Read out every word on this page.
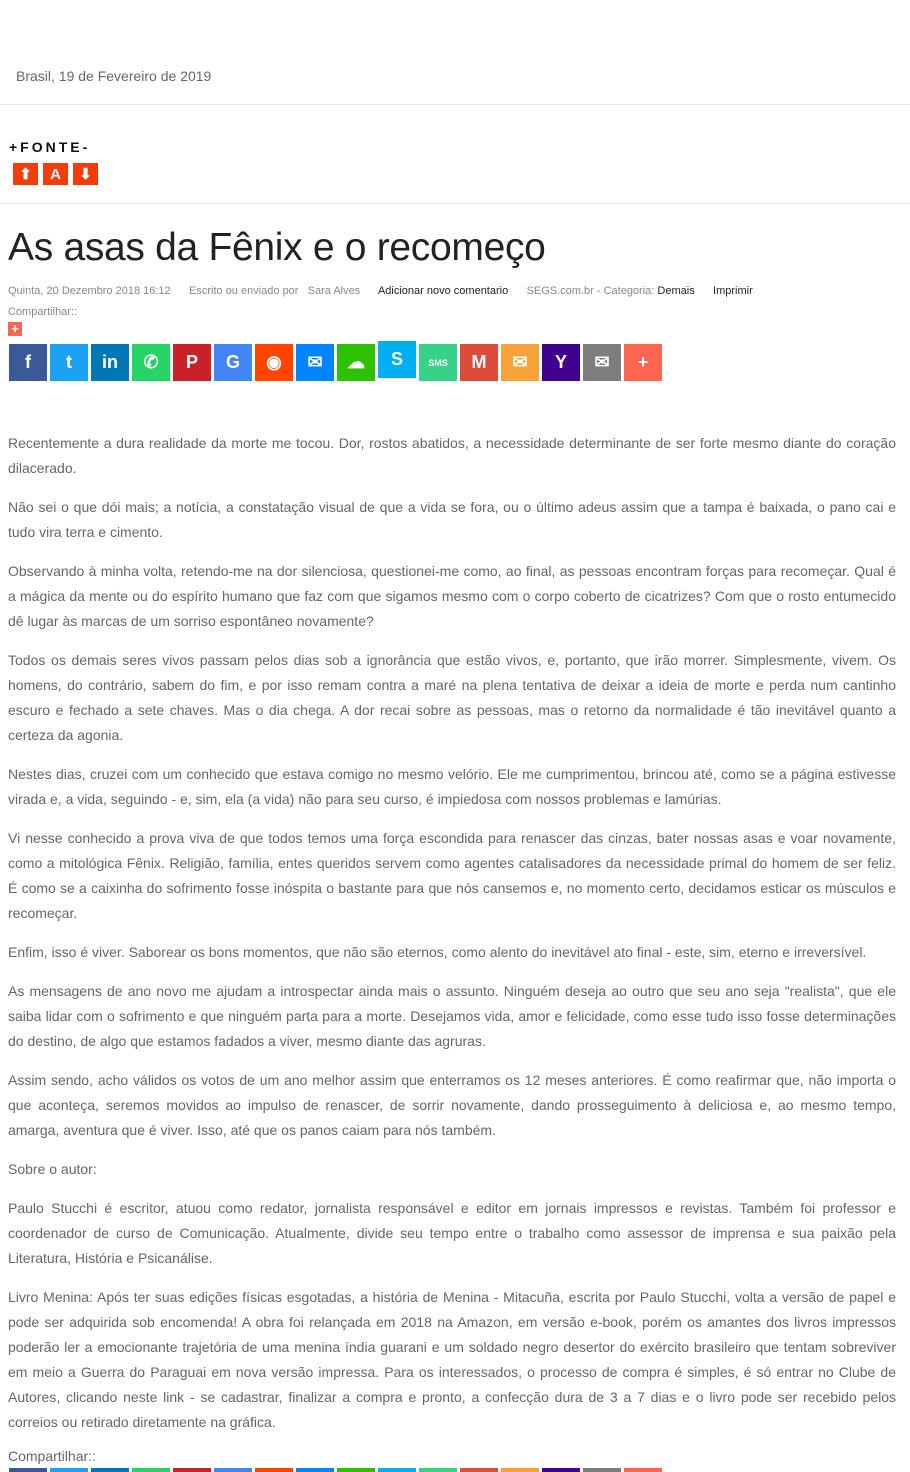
Brasil, 19 de Fevereiro de 2019
+FONTE-
⬆	A	⬇
As asas da Fênix e o recomeço
Quinta, 20 Dezembro 2018 16:12 Escrito ou enviado por Sara Alves Adicionar novo comentario SEGS.com.br - Categoria: Demais Imprimir
Compartilhar::
+
f t in ✆ P G ◉ ✉ ☁ S	SMS M ✉ Y ✉ +

Recentemente a dura realidade da morte me tocou. Dor, rostos abatidos, a necessidade determinante de ser forte mesmo diante do coração dilacerado.

Não sei o que dói mais; a notícia, a constatação visual de que a vida se fora, ou o último adeus assim que a tampa é baixada, o pano cai e tudo vira terra e cimento.

Observando à minha volta, retendo-me na dor silenciosa, questionei-me como, ao final, as pessoas encontram forças para recomeçar. Qual é a mágica da mente ou do espírito humano que faz com que sigamos mesmo com o corpo coberto de cicatrizes? Com que o rosto entumecido dê lugar às marcas de um sorriso espontâneo novamente?

Todos os demais seres vivos passam pelos dias sob a ignorância que estão vivos, e, portanto, que irão morrer. Simplesmente, vivem. Os homens, do contrário, sabem do fim, e por isso remam contra a maré na plena tentativa de deixar a ideia de morte e perda num cantinho escuro e fechado a sete chaves. Mas o dia chega. A dor recai sobre as pessoas, mas o retorno da normalidade é tão inevitável quanto a certeza da agonia.

Nestes dias, cruzei com um conhecido que estava comigo no mesmo velório. Ele me cumprimentou, brincou até, como se a página estivesse virada e, a vida, seguindo - e, sim, ela (a vida) não para seu curso, é impiedosa com nossos problemas e lamúrias.

Vi nesse conhecido a prova viva de que todos temos uma força escondida para renascer das cinzas, bater nossas asas e voar novamente, como a mitológica Fênix. Religião, família, entes queridos servem como agentes catalisadores da necessidade primal do homem de ser feliz. É como se a caixinha do sofrimento fosse inóspita o bastante para que nós cansemos e, no momento certo, decidamos esticar os músculos e recomeçar.

Enfim, isso é viver. Saborear os bons momentos, que não são eternos, como alento do inevitável ato final - este, sim, eterno e irreversível.

As mensagens de ano novo me ajudam a introspectar ainda mais o assunto. Ninguém deseja ao outro que seu ano seja "realista", que ele saiba lidar com o sofrimento e que ninguém parta para a morte. Desejamos vida, amor e felicidade, como esse tudo isso fosse determinações do destino, de algo que estamos fadados a viver, mesmo diante das agruras.

Assim sendo, acho válidos os votos de um ano melhor assim que enterramos os 12 meses anteriores. É como reafirmar que, não importa o que aconteça, seremos movidos ao impulso de renascer, de sorrir novamente, dando prosseguimento à deliciosa e, ao mesmo tempo, amarga, aventura que é viver. Isso, até que os panos caiam para nós também.

Sobre o autor:

Paulo Stucchi é escritor, atuou como redator, jornalista responsável e editor em jornais impressos e revistas. Também foi professor e coordenador de curso de Comunicação. Atualmente, divide seu tempo entre o trabalho como assessor de imprensa e sua paixão pela Literatura, História e Psicanálise.

Livro Menina: Após ter suas edições físicas esgotadas, a história de Menina - Mitacuña, escrita por Paulo Stucchi, volta a versão de papel e pode ser adquirida sob encomenda! A obra foi relançada em 2018 na Amazon, em versão e-book, porém os amantes dos livros impressos poderão ler a emocionante trajetória de uma menina índia guarani e um soldado negro desertor do exército brasileiro que tentam sobreviver em meio a Guerra do Paraguai em nova versão impressa. Para os interessados, o processo de compra é simples, é só entrar no Clube de Autores, clicando neste link - se cadastrar, finalizar a compra e pronto, a confecção dura de 3 a 7 dias e o livro pode ser recebido pelos correios ou retirado diretamente na gráfica.

Compartilhar::
